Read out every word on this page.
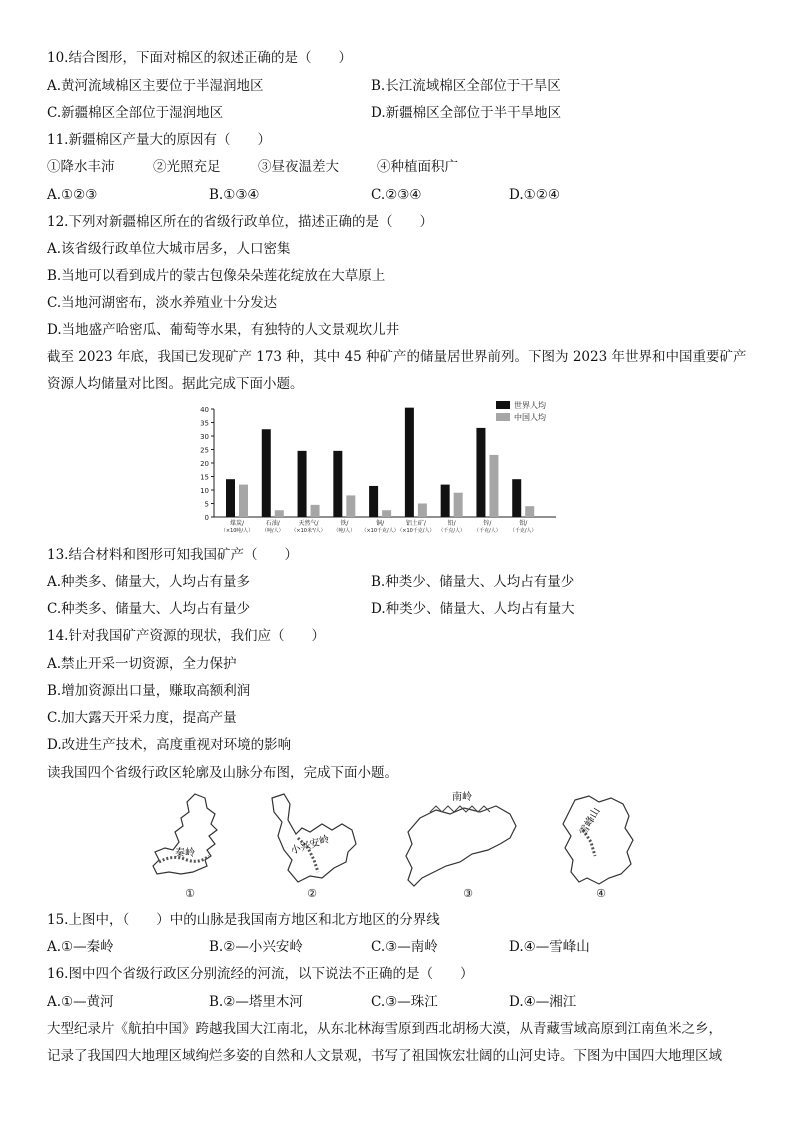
10.结合图形，下面对棉区的叙述正确的是（　　）
A.黄河流域棉区主要位于半湿润地区	B.长江流域棉区全部位于干旱区
C.新疆棉区全部位于湿润地区	D.新疆棉区全部位于半干旱地区
11.新疆棉区产量大的原因有（　　）
①降水丰沛	②光照充足	③昼夜温差大	④种植面积广
A.①②③	B.①③④	C.②③④	D.①②④
12.下列对新疆棉区所在的省级行政单位，描述正确的是（　　）
A.该省级行政单位大城市居多，人口密集
B.当地可以看到成片的蒙古包像朵朵莲花绽放在大草原上
C.当地河湖密布，淡水养殖业十分发达
D.当地盛产哈密瓜、葡萄等水果，有独特的人文景观坎儿井
截至 2023 年底，我国已发现矿产 173 种，其中 45 种矿产的储量居世界前列。下图为 2023 年世界和中国重要矿产
资源人均储量对比图。据此完成下面小题。
0
5
10
15
20
25
30
35
40
煤炭/
（×10吨/人）
石油/
（吨/人）
天然气/
（×10米³/人）
铁/
（吨/人）
铜/
（×10千克/人）
铝土矿/
（×10千克/人）
铅/
（千克/人）
锌/
（千克/人）
钼/
（千克/人）
世界人均
中国人均
13.结合材料和图形可知我国矿产（　　）
A.种类多、储量大，人均占有量多	B.种类少、储量大、人均占有量少
C.种类多、储量大、人均占有量少	D.种类少、储量大、人均占有量大
14.针对我国矿产资源的现状，我们应（　　）
A.禁止开采一切资源，全力保护
B.增加资源出口量，赚取高额利润
C.加大露天开采力度，提高产量
D.改进生产技术，高度重视对环境的影响
读我国四个省级行政区轮廓及山脉分布图，完成下面小题。
秦岭
①
小兴安岭
②
南岭
③
雪峰山
④
15.上图中，（　　）中的山脉是我国南方地区和北方地区的分界线
A.①—秦岭	B.②—小兴安岭	C.③—南岭	D.④—雪峰山
16.图中四个省级行政区分别流经的河流，以下说法不正确的是（　　）
A.①—黄河	B.②—塔里木河	C.③—珠江	D.④—湘江
大型纪录片《航拍中国》跨越我国大江南北，从东北林海雪原到西北胡杨大漠，从青藏雪域高原到江南鱼米之乡，
记录了我国四大地理区域绚烂多姿的自然和人文景观，书写了祖国恢宏壮阔的山河史诗。下图为中国四大地理区域
